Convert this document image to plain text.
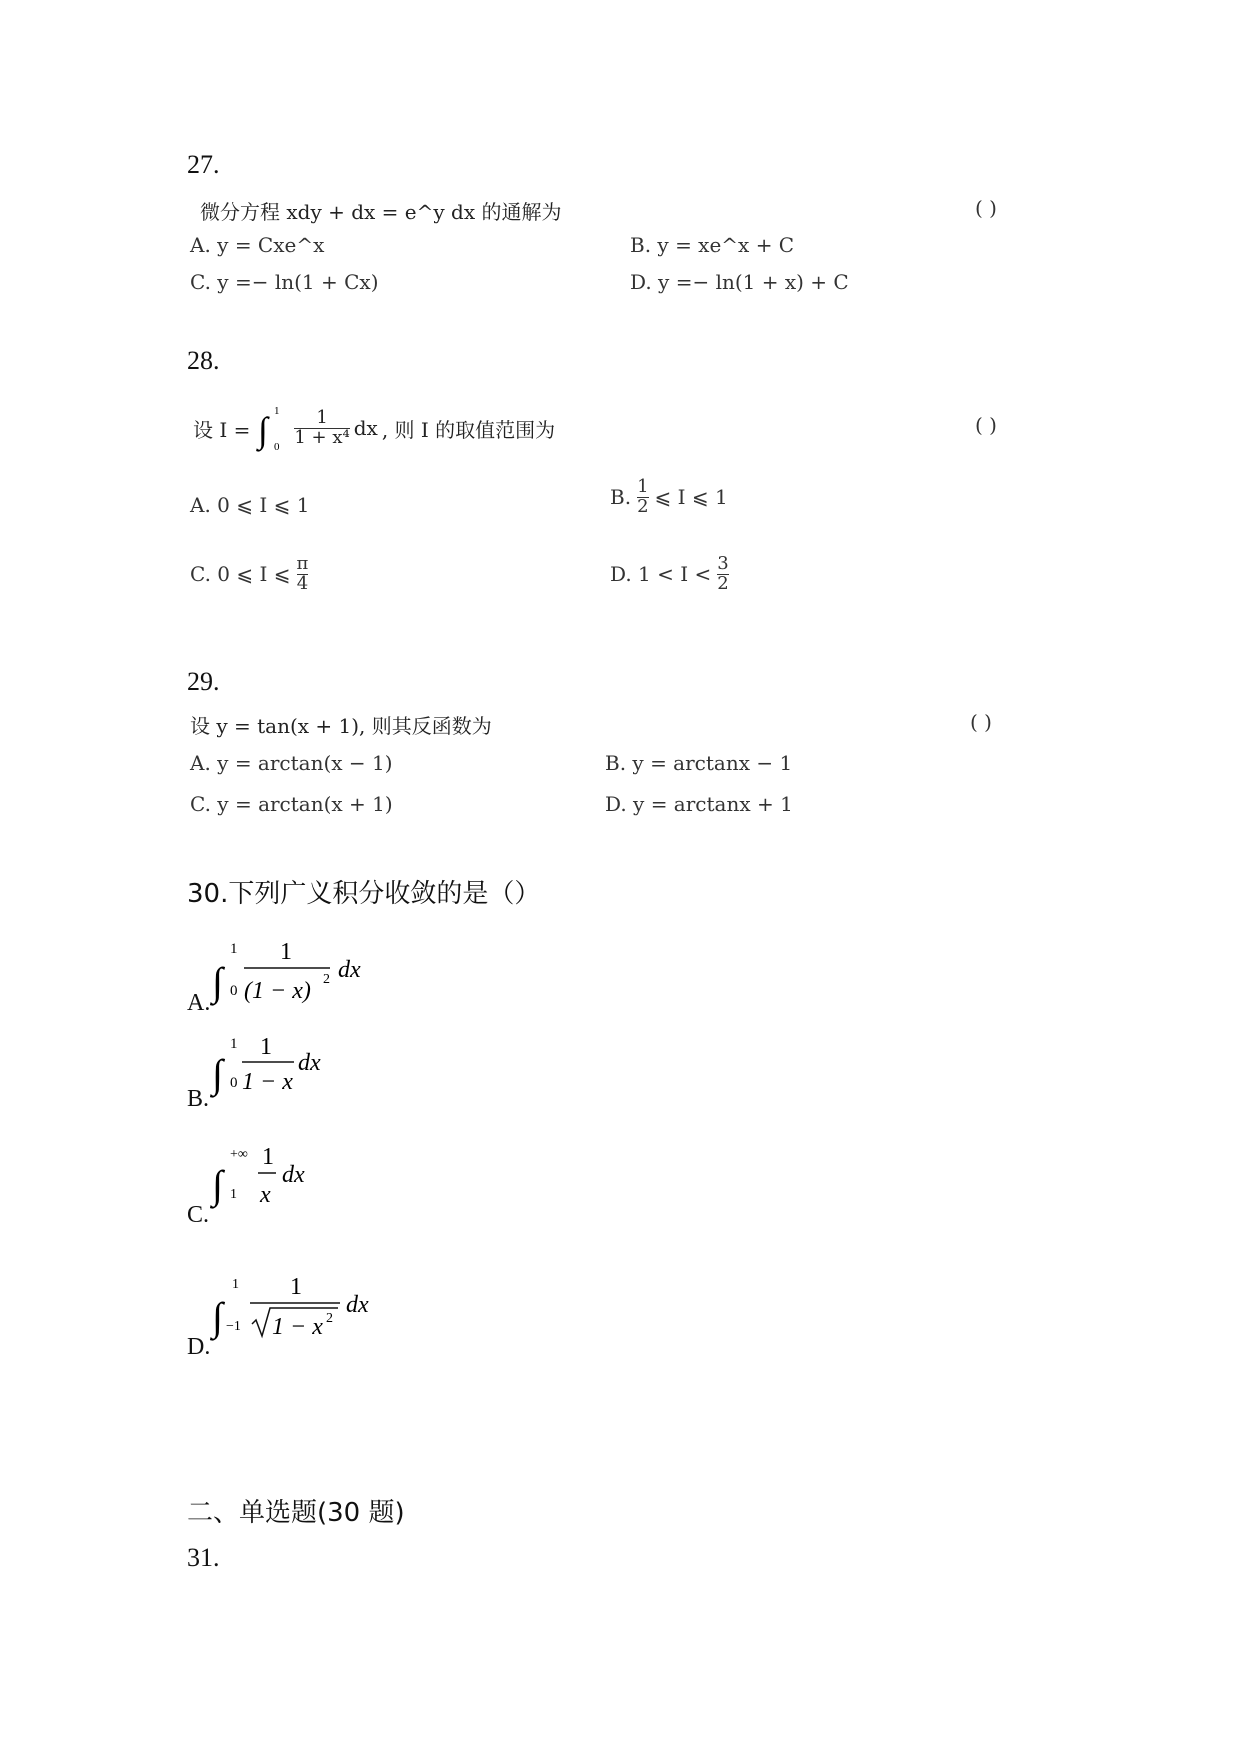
27.
微分方程 xdy + dx = e^y dx 的通解为	( )
A. y = Cxe^x	B. y = xe^x + C
C. y =− ln(1 + Cx)	D. y =− ln(1 + x) + C
28.
设 I = ∫ 1
$0 \frac{1}{\text{1 + x⁴}}$ dx , 则 I 的取值范围为	( )
A. 0 ⩽ I ⩽ 1	B. $\frac{1}{2}$ ⩽ I ⩽ 1
C. 0 ⩽ I ⩽ $\frac{\pi}{4}$	D. $1 < I < \frac{3}{2}$
29.
设 y = tan(x + 1), 则其反函数为	( )
A. y = arctan(x − 1)	B. y = arctanx − 1
C. y = arctan(x + 1)	D. y = arctanx + 1
30.下列广义积分收敛的是（）
A. ∫
1
0
1
(1 − x) 2 dx
B.
∫
1
0
1
1 − x
dx
C.
∫
+∞
1
1
x
dx
D.
∫
1
−1
1
1 − x 2
dx
二、单选题(30 题)
31.
